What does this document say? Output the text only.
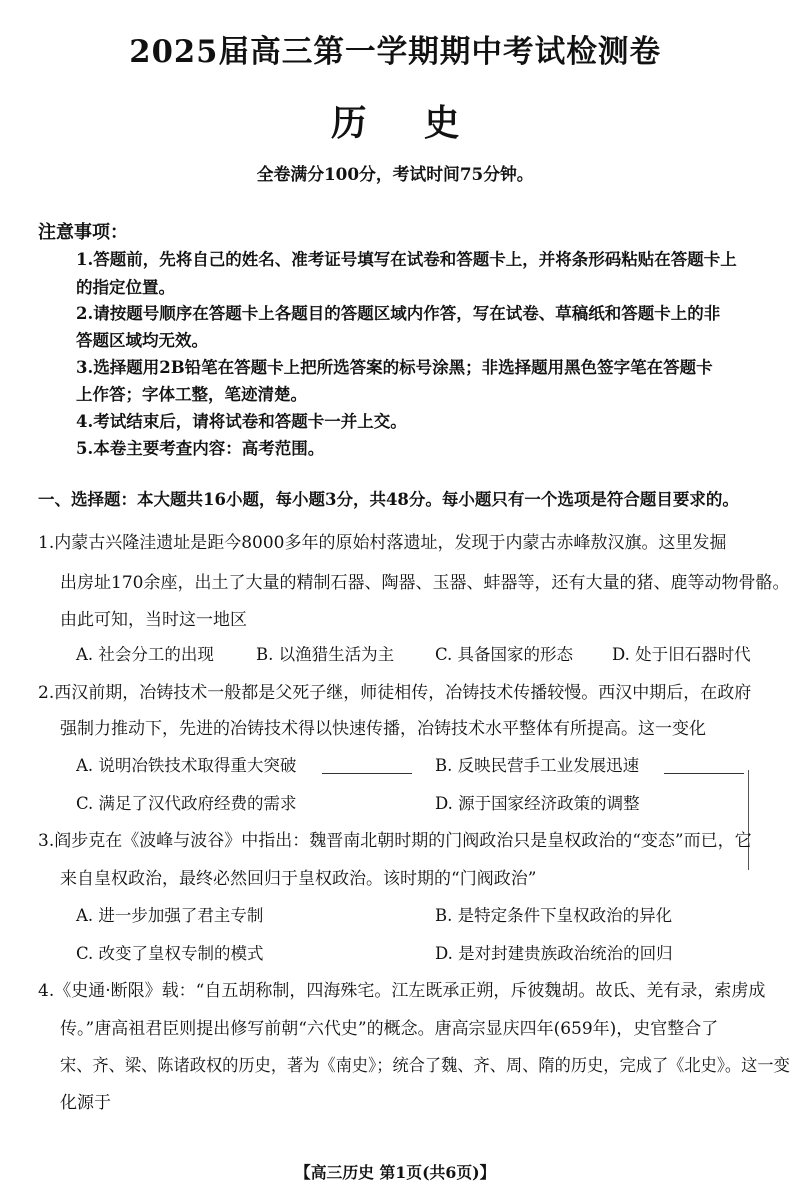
2025届高三第一学期期中考试检测卷
历史
全卷满分100分，考试时间75分钟。
注意事项：
1.答题前，先将自己的姓名、准考证号填写在试卷和答题卡上，并将条形码粘贴在答题卡上
的指定位置。
2.请按题号顺序在答题卡上各题目的答题区域内作答，写在试卷、草稿纸和答题卡上的非
答题区域均无效。
3.选择题用2B铅笔在答题卡上把所选答案的标号涂黑；非选择题用黑色签字笔在答题卡
上作答；字体工整，笔迹清楚。
4.考试结束后，请将试卷和答题卡一并上交。
5.本卷主要考查内容：高考范围。
一、选择题：本大题共16小题，每小题3分，共48分。每小题只有一个选项是符合题目要求的。
1.内蒙古兴隆洼遗址是距今8000多年的原始村落遗址，发现于内蒙古赤峰敖汉旗。这里发掘
出房址170余座，出土了大量的精制石器、陶器、玉器、蚌器等，还有大量的猪、鹿等动物骨骼。
由此可知，当时这一地区
A. 社会分工的出现	B. 以渔猎生活为主 C. 具备国家的形态 D. 处于旧石器时代
2.西汉前期，冶铸技术一般都是父死子继，师徒相传，冶铸技术传播较慢。西汉中期后，在政府
强制力推动下，先进的冶铸技术得以快速传播，冶铸技术水平整体有所提高。这一变化
A. 说明冶铁技术取得重大突破	B. 反映民营手工业发展迅速
C. 满足了汉代政府经费的需求	D. 源于国家经济政策的调整
3.阎步克在《波峰与波谷》中指出：魏晋南北朝时期的门阀政治只是皇权政治的“变态”而已，它
来自皇权政治，最终必然回归于皇权政治。该时期的“门阀政治”
A. 进一步加强了君主专制	B. 是特定条件下皇权政治的异化
C. 改变了皇权专制的模式	D. 是对封建贵族政治统治的回归
4.《史通·断限》载：“自五胡称制，四海殊宅。江左既承正朔，斥彼魏胡。故氐、羌有录，索虏成
传。”唐高祖君臣则提出修写前朝“六代史”的概念。唐高宗显庆四年(659年)，史官整合了
宋、齐、梁、陈诸政权的历史，著为《南史》；统合了魏、齐、周、隋的历史，完成了《北史》。这一变
化源于
【高三历史 第1页(共6页)】
